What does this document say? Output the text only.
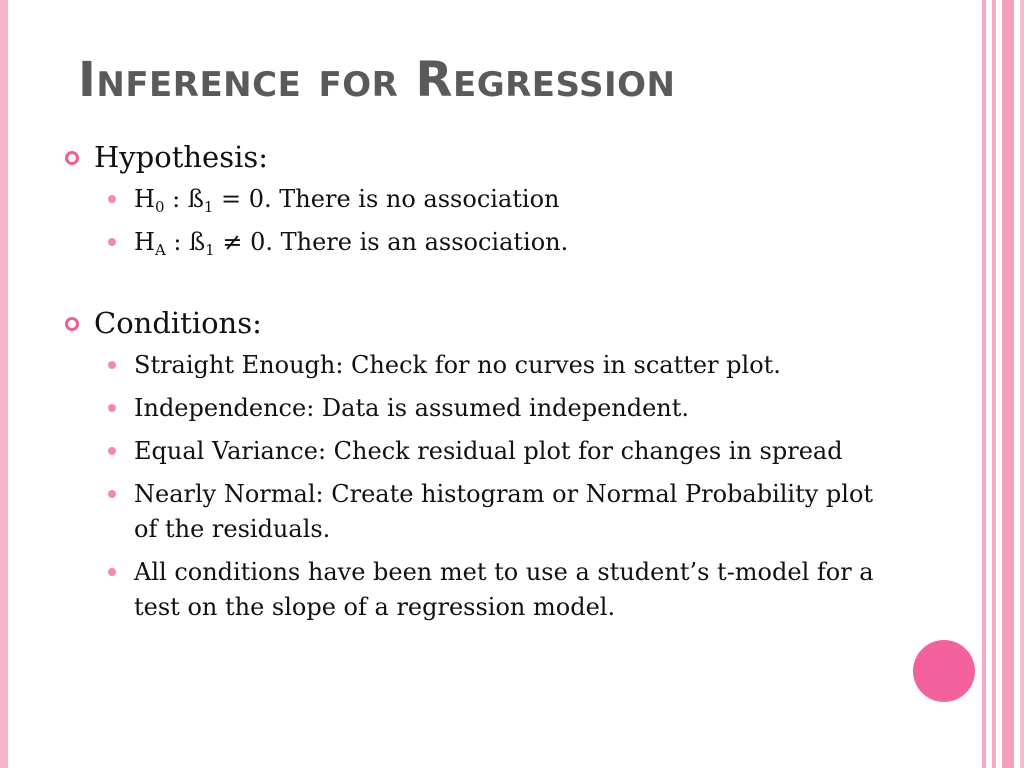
Inference for Regression
Hypothesis:
$H_0$ : $ß_1 = 0$. There is no association
$H_A$ : $ß_1 \ne 0$. There is an association.
Conditions:
Straight Enough: Check for no curves in scatter plot.
Independence: Data is assumed independent.
Equal Variance: Check residual plot for changes in spread
Nearly Normal: Create histogram or Normal Probability plot of the residuals.
All conditions have been met to use a student’s t-model for a test on the slope of a regression model.
